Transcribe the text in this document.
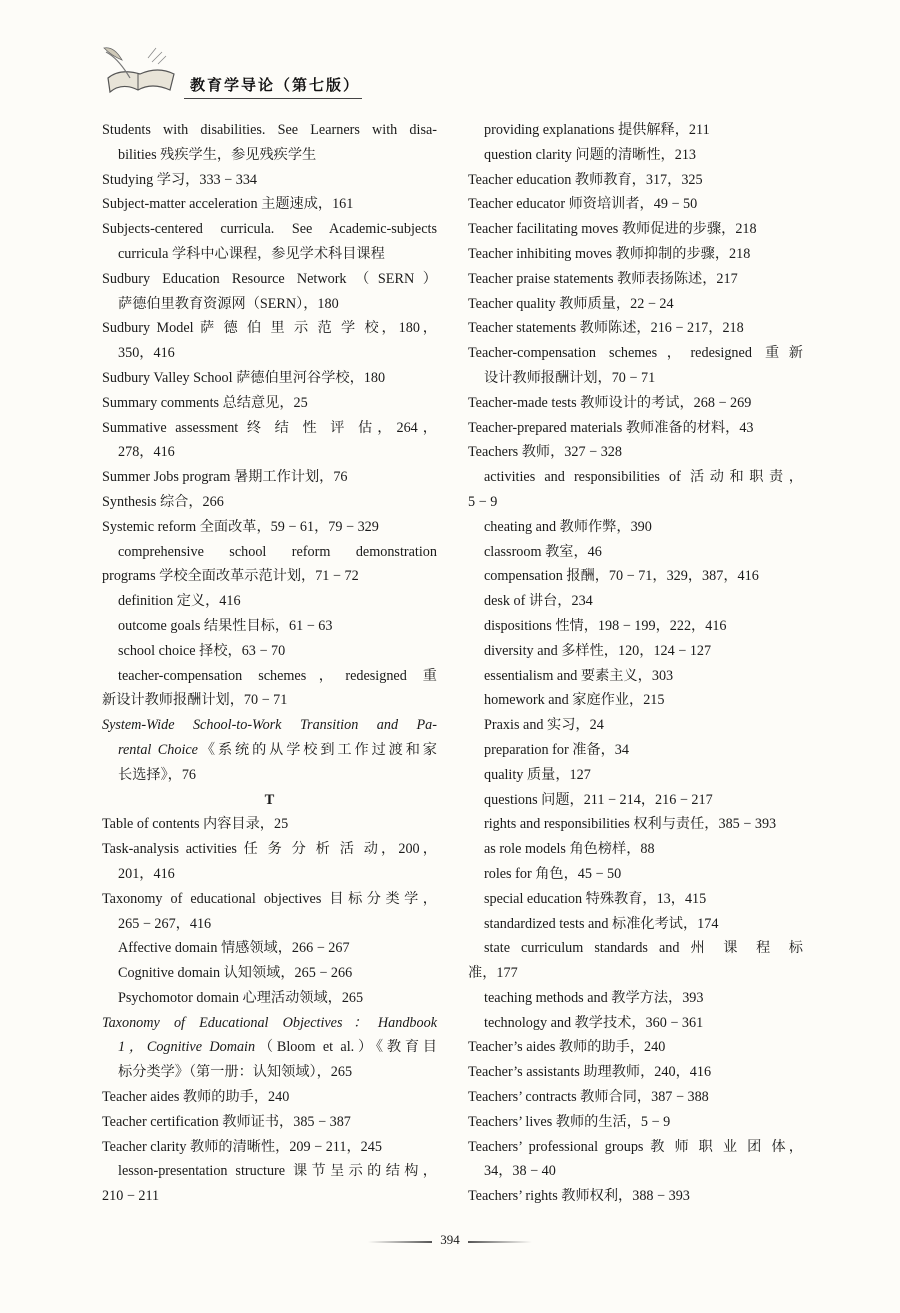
教育学导论（第七版）
Students with disabilities. See Learners with disa-
bilities 残疾学生，参见残疾学生
Studying 学习，333 − 334
Subject-matter acceleration 主题速成，161
Subjects-centered curricula. See Academic-subjects
curricula 学科中心课程，参见学术科目课程
Sudbury Education Resource Network（SERN）
萨德伯里教育资源网（SERN），180
Sudbury Model 萨 德 伯 里 示 范 学 校，180，
350，416
Sudbury Valley School 萨德伯里河谷学校，180
Summary comments 总结意见，25
Summative assessment 终 结 性 评 估，264，
278，416
Summer Jobs program 暑期工作计划，76
Synthesis 综合，266
Systemic reform 全面改革，59 − 61，79 − 329
comprehensive school reform demonstration
programs 学校全面改革示范计划，71 − 72
definition 定义，416
outcome goals 结果性目标，61 − 63
school choice 择校，63 − 70
teacher-compensation schemes，redesigned 重
新设计教师报酬计划，70 − 71
System-Wide School-to-Work Transition and Pa-
rental Choice《系统的从学校到工作过渡和家
长选择》，76
T
Table of contents 内容目录，25
Task-analysis activities 任 务 分 析 活 动，200，
201，416
Taxonomy of educational objectives 目标分类学，
265 − 267，416
Affective domain 情感领域，266 − 267
Cognitive domain 认知领域，265 − 266
Psychomotor domain 心理活动领域，265
Taxonomy of Educational Objectives：Handbook
1，Cognitive Domain（Bloom et al.）《教育目
标分类学》（第一册：认知领域），265
Teacher aides 教师的助手，240
Teacher certification 教师证书，385 − 387
Teacher clarity 教师的清晰性，209 − 211，245
lesson-presentation structure 课节呈示的结构，
210 − 211
providing explanations 提供解释，211
question clarity 问题的清晰性，213
Teacher education 教师教育，317，325
Teacher educator 师资培训者，49 − 50
Teacher facilitating moves 教师促进的步骤，218
Teacher inhibiting moves 教师抑制的步骤，218
Teacher praise statements 教师表扬陈述，217
Teacher quality 教师质量，22 − 24
Teacher statements 教师陈述，216 − 217，218
Teacher-compensation schemes，redesigned 重新
设计教师报酬计划，70 − 71
Teacher-made tests 教师设计的考试，268 − 269
Teacher-prepared materials 教师准备的材料，43
Teachers 教师，327 − 328
activities and responsibilities of 活动和职责，
5 − 9
cheating and 教师作弊，390
classroom 教室，46
compensation 报酬，70 − 71，329，387，416
desk of 讲台，234
dispositions 性情，198 − 199，222，416
diversity and 多样性，120，124 − 127
essentialism and 要素主义，303
homework and 家庭作业，215
Praxis and 实习，24
preparation for 准备，34
quality 质量，127
questions 问题，211 − 214，216 − 217
rights and responsibilities 权利与责任，385 − 393
as role models 角色榜样，88
roles for 角色，45 − 50
special education 特殊教育，13，415
standardized tests and 标准化考试，174
state curriculum standards and 州 课 程 标
准，177
teaching methods and 教学方法，393
technology and 教学技术，360 − 361
Teacher’s aides 教师的助手，240
Teacher’s assistants 助理教师，240，416
Teachers’ contracts 教师合同，387 − 388
Teachers’ lives 教师的生活，5 − 9
Teachers’ professional groups 教 师 职 业 团 体，
34，38 − 40
Teachers’ rights 教师权利，388 − 393
394
